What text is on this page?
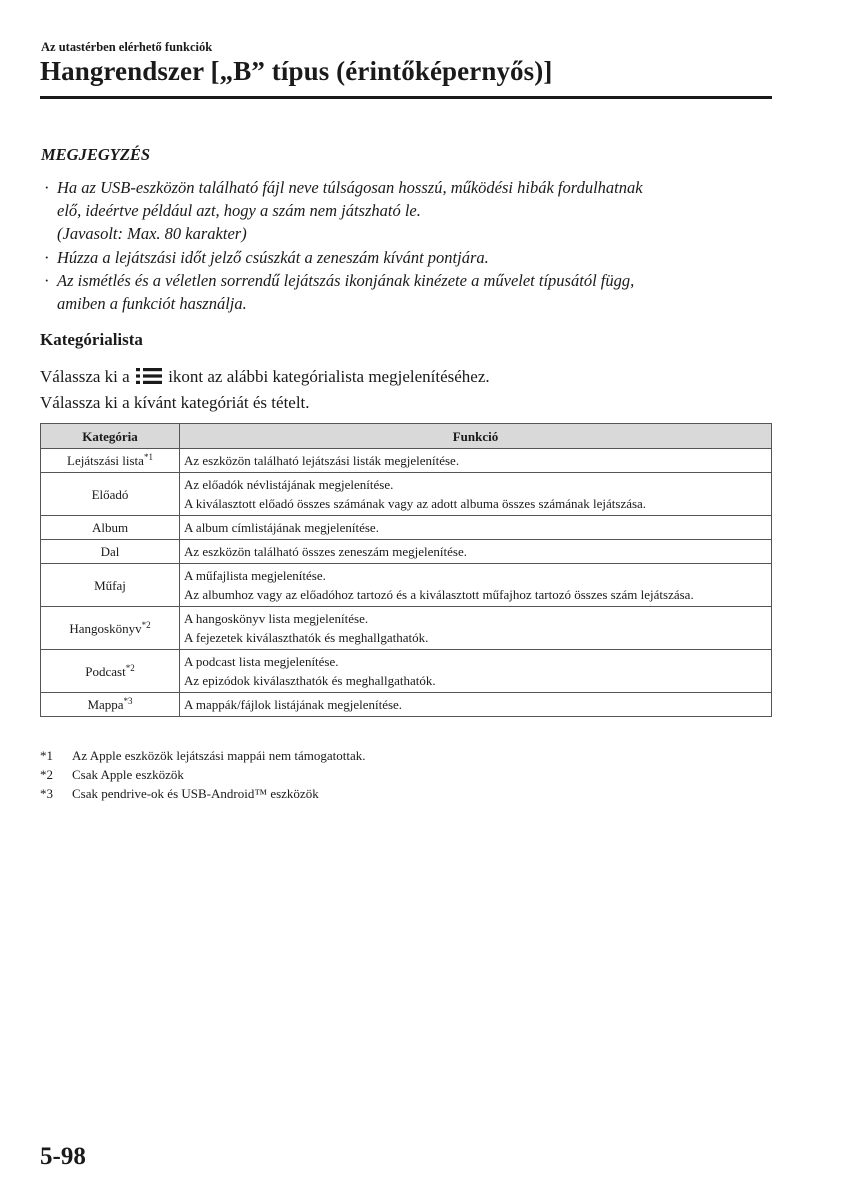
Az utastérben elérhető funkciók
Hangrendszer [„B” típus (érintőképernyős)]
MEGJEGYZÉS
· Ha az USB-eszközön található fájl neve túlságosan hosszú, működési hibák fordulhatnak
elő, ideértve például azt, hogy a szám nem játszható le.
(Javasolt: Max. 80 karakter)
· Húzza a lejátszási időt jelző csúszkát a zeneszám kívánt pontjára.
· Az ismétlés és a véletlen sorrendű lejátszás ikonjának kinézete a művelet típusától függ,
amiben a funkciót használja.
Kategórialista
Válassza ki a  ikont az alábbi kategórialista megjelenítéséhez.
Válassza ki a kívánt kategóriát és tételt.
Kategória	Funkció
Lejátszási lista$^{*1}$	Az eszközön található lejátszási listák megjelenítése.

Előadó	Az előadók névlistájának megjelenítése.
A kiválasztott előadó összes számának vagy az adott albuma összes számának lejátszása.

Album	A album címlistájának megjelenítése.

Dal	Az eszközön található összes zeneszám megjelenítése.

Műfaj	A műfajlista megjelenítése.
Az albumhoz vagy az előadóhoz tartozó és a kiválasztott műfajhoz tartozó összes szám lejátszása.

Hangoskönyv$^{*2}$	A hangoskönyv lista megjelenítése.
A fejezetek kiválaszthatók és meghallgathatók.

Podcast$^{*2}$	A podcast lista megjelenítése.
Az epizódok kiválaszthatók és meghallgathatók.

Mappa$^{*3}$	A mappák/fájlok listájának megjelenítése.
*1 Az Apple eszközök lejátszási mappái nem támogatottak.
*2 Csak Apple eszközök
*3 Csak pendrive-ok és USB-Android™ eszközök
5-98
